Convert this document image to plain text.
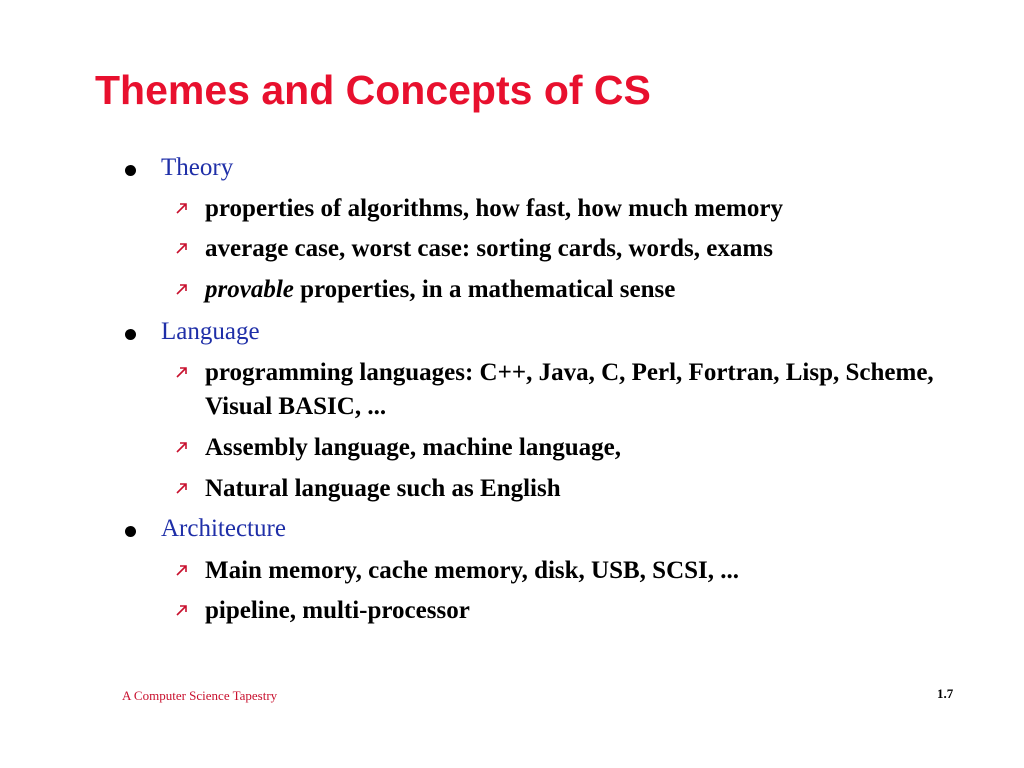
Themes and Concepts of CS
Theory
properties of algorithms, how fast, how much memory
average case, worst case: sorting cards, words, exams
provable properties, in a mathematical sense
Language
programming languages: C++, Java, C, Perl, Fortran, Lisp, Scheme, Visual BASIC, ...
Assembly language, machine language,
Natural language such as English
Architecture
Main memory, cache memory, disk, USB, SCSI, ...
pipeline, multi-processor
A Computer Science Tapestry	1.7
